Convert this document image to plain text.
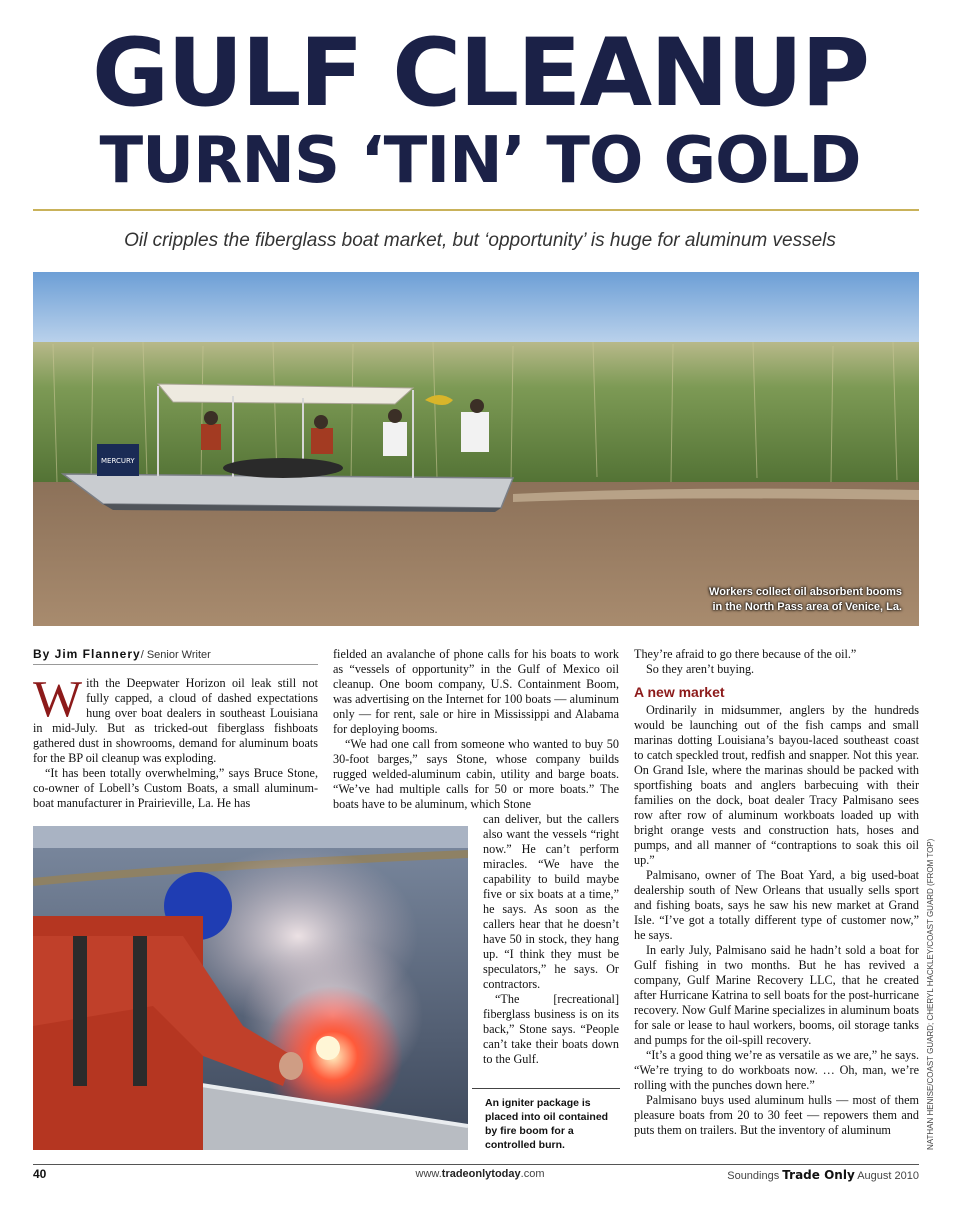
GULF CLEANUP
TURNS ‘TIN’ TO GOLD
Oil cripples the fiberglass boat market, but ‘opportunity’ is huge for aluminum vessels
MERCURY
Workers collect oil absorbent booms
in the North Pass area of Venice, La.
By Jim Flannery/ Senior Writer

With the Deepwater Horizon oil leak still not fully capped, a cloud of dashed expectations hung over boat dealers in southeast Louisiana in mid-July. But as tricked-out fiberglass fishboats gathered dust in showrooms, demand for aluminum boats for the BP oil cleanup was exploding.

“It has been totally overwhelming,” says Bruce Stone, co-owner of Lobell’s Custom Boats, a small aluminum-boat manufacturer in Prairieville, La. He has

fielded an avalanche of phone calls for his boats to work as “vessels of opportunity” in the Gulf of Mexico oil cleanup. One boom company, U.S. Containment Boom, was advertising on the Internet for 100 boats — aluminum only — for rent, sale or hire in Mississippi and Alabama for deploying booms.

“We had one call from someone who wanted to buy 50 30-foot barges,” says Stone, whose company builds rugged welded-aluminum cabin, utility and barge boats. “We’ve had multiple calls for 50 or more boats.” The boats have to be aluminum, which Stone

can deliver, but the callers also want the vessels “right now.” He can’t perform miracles. “We have the capability to build maybe five or six boats at a time,” he says. As soon as the callers hear that he doesn’t have 50 in stock, they hang up. “I think they must be speculators,” he says. Or contractors.

“The [recreational] fiberglass business is on its back,” Stone says. “People can’t take their boats down to the Gulf.

An igniter package is placed into oil contained by fire boom for a controlled burn.

They’re afraid to go there because of the oil.”

So they aren’t buying.

A new market

Ordinarily in midsummer, anglers by the hundreds would be launching out of the fish camps and small marinas dotting Louisiana’s bayou-laced southeast coast to catch speckled trout, redfish and snapper. Not this year. On Grand Isle, where the marinas should be packed with sportfishing boats and anglers barbecuing with their families on the dock, boat dealer Tracy Palmisano sees row after row of aluminum workboats loaded up with bright orange vests and construction hats, hoses and pumps, and all manner of “contraptions to soak this oil up.”

Palmisano, owner of The Boat Yard, a big used-boat dealership south of New Orleans that usually sells sport and fishing boats, says he saw his new market at Grand Isle. “I’ve got a totally different type of customer now,” he says.

In early July, Palmisano said he hadn’t sold a boat for Gulf fishing in two months. But he has revived a company, Gulf Marine Recovery LLC, that he created after Hurricane Katrina to sell boats for the post-hurricane recovery. Now Gulf Marine specializes in aluminum boats for sale or lease to haul workers, booms, oil storage tanks and pumps for the oil-spill recovery.

“It’s a good thing we’re as versatile as we are,” he says. “We’re trying to do workboats now. … Oh, man, we’re rolling with the punches down here.”

Palmisano buys used aluminum hulls — most of them pleasure boats from 20 to 30 feet — repowers them and puts them on trailers. But the inventory of aluminum	NATHAN HENISE/COAST GUARD; CHERYL HACKLEY/COAST GUARD (FROM TOP)
40	www.tradeonlytoday.com	Soundings Trade Only August 2010
